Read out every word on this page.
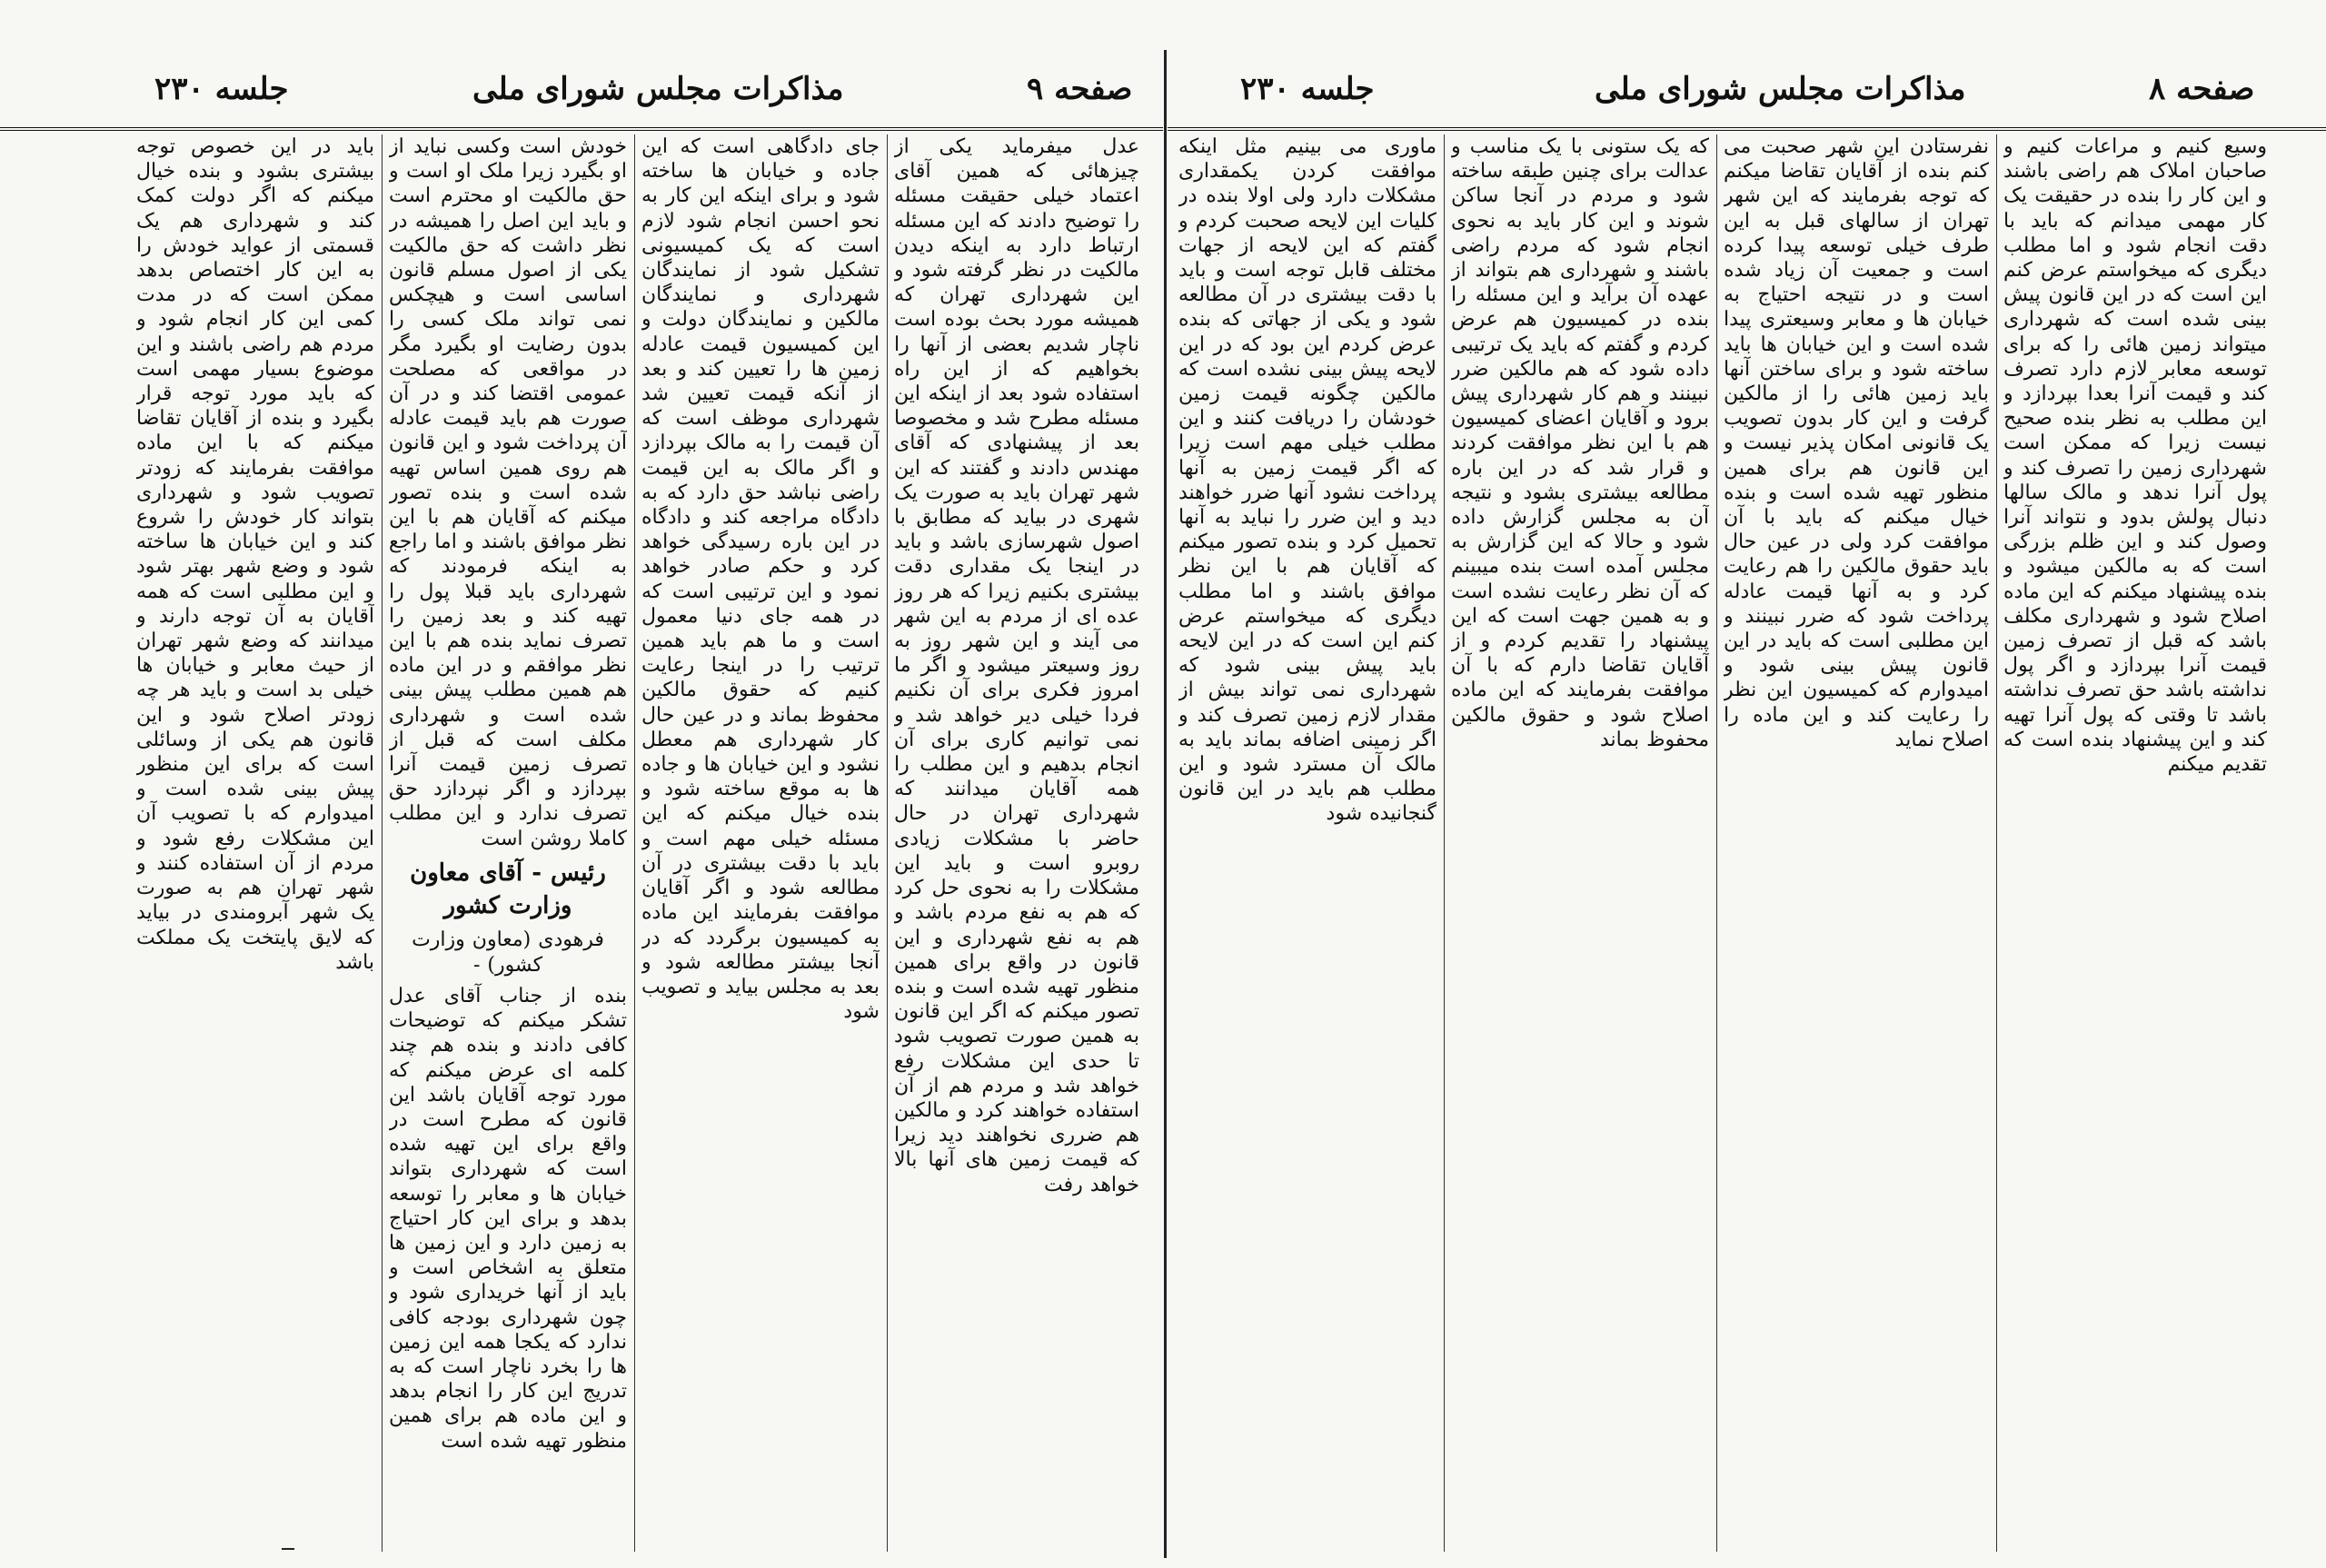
جلسه ۲۳۰	مذاکرات مجلس شورای ملی	صفحه ۹
باید در این خصوص توجه بیشتری بشود و بنده خیال میکنم که اگر دولت کمک کند و شهرداری هم یک قسمتی از عواید خودش را به این کار اختصاص بدهد ممکن است که در مدت کمی این کار انجام شود و مردم هم راضی باشند و این موضوع بسیار مهمی است که باید مورد توجه قرار بگیرد و بنده از آقایان تقاضا میکنم که با این ماده موافقت بفرمایند که زودتر تصویب شود و شهرداری بتواند کار خودش را شروع کند و این خیابان ها ساخته شود و وضع شهر بهتر شود و این مطلبی است که همه آقایان به آن توجه دارند و میدانند که وضع شهر تهران از حیث معابر و خیابان ها خیلی بد است و باید هر چه زودتر اصلاح شود و این قانون هم یکی از وسائلی است که برای این منظور پیش بینی شده است و امیدوارم که با تصویب آن این مشکلات رفع شود و مردم از آن استفاده کنند و شهر تهران هم به صورت یک شهر آبرومندی در بیاید که لایق پایتخت یک مملکت باشد
خودش است وکسی نباید از او بگیرد زیرا ملک او است و حق مالکیت او محترم است و باید این اصل را همیشه در نظر داشت که حق مالکیت یکی از اصول مسلم قانون اساسی است و هیچکس نمی تواند ملک کسی را بدون رضایت او بگیرد مگر در مواقعی که مصلحت عمومی اقتضا کند و در آن صورت هم باید قیمت عادله آن پرداخت شود و این قانون هم روی همین اساس تهیه شده است و بنده تصور میکنم که آقایان هم با این نظر موافق باشند و اما راجع به اینکه فرمودند که شهرداری باید قبلا پول را تهیه کند و بعد زمین را تصرف نماید بنده هم با این نظر موافقم و در این ماده هم همین مطلب پیش بینی شده است و شهرداری مکلف است که قبل از تصرف زمین قیمت آنرا بپردازد و اگر نپردازد حق تصرف ندارد و این مطلب کاملا روشن است
رئیس - آقای معاون وزارت کشور
فرهودی (معاون وزارت کشور) -
بنده از جناب آقای عدل تشکر میکنم که توضیحات کافی دادند و بنده هم چند کلمه ای عرض میکنم که مورد توجه آقایان باشد این قانون که مطرح است در واقع برای این تهیه شده است که شهرداری بتواند خیابان ها و معابر را توسعه بدهد و برای این کار احتیاج به زمین دارد و این زمین ها متعلق به اشخاص است و باید از آنها خریداری شود و چون شهرداری بودجه کافی ندارد که یکجا همه این زمین ها را بخرد ناچار است که به تدریج این کار را انجام بدهد و این ماده هم برای همین منظور تهیه شده است
جای دادگاهی است که این جاده و خیابان ها ساخته شود و برای اینکه این کار به نحو احسن انجام شود لازم است که یک کمیسیونی تشکیل شود از نمایندگان شهرداری و نمایندگان مالکین و نمایندگان دولت و این کمیسیون قیمت عادله زمین ها را تعیین کند و بعد از آنکه قیمت تعیین شد شهرداری موظف است که آن قیمت را به مالک بپردازد و اگر مالک به این قیمت راضی نباشد حق دارد که به دادگاه مراجعه کند و دادگاه در این باره رسیدگی خواهد کرد و حکم صادر خواهد نمود و این ترتیبی است که در همه جای دنیا معمول است و ما هم باید همین ترتیب را در اینجا رعایت کنیم که حقوق مالکین محفوظ بماند و در عین حال کار شهرداری هم معطل نشود و این خیابان ها و جاده ها به موقع ساخته شود و بنده خیال میکنم که این مسئله خیلی مهم است و باید با دقت بیشتری در آن مطالعه شود و اگر آقایان موافقت بفرمایند این ماده به کمیسیون برگردد که در آنجا بیشتر مطالعه شود و بعد به مجلس بیاید و تصویب شود
عدل میفرماید یکی از چیزهائی که همین آقای اعتماد خیلی حقیقت مسئله را توضیح دادند که این مسئله ارتباط دارد به اینکه دیدن مالکیت در نظر گرفته شود و این شهرداری تهران که همیشه مورد بحث بوده است ناچار شدیم بعضی از آنها را بخواهیم که از این راه استفاده شود بعد از اینکه این مسئله مطرح شد و مخصوصا بعد از پیشنهادی که آقای مهندس دادند و گفتند که این شهر تهران باید به صورت یک شهری در بیاید که مطابق با اصول شهرسازی باشد و باید در اینجا یک مقداری دقت بیشتری بکنیم زیرا که هر روز عده ای از مردم به این شهر می آیند و این شهر روز به روز وسیعتر میشود و اگر ما امروز فکری برای آن نکنیم فردا خیلی دیر خواهد شد و نمی توانیم کاری برای آن انجام بدهیم و این مطلب را همه آقایان میدانند که شهرداری تهران در حال حاضر با مشکلات زیادی روبرو است و باید این مشکلات را به نحوی حل کرد که هم به نفع مردم باشد و هم به نفع شهرداری و این قانون در واقع برای همین منظور تهیه شده است و بنده تصور میکنم که اگر این قانون به همین صورت تصویب شود تا حدی این مشکلات رفع خواهد شد و مردم هم از آن استفاده خواهند کرد و مالکین هم ضرری نخواهند دید زیرا که قیمت زمین های آنها بالا خواهد رفت
جلسه ۲۳۰	مذاکرات مجلس شورای ملی	صفحه ۸
ماوری می بینیم مثل اینکه موافقت کردن یکمقداری مشکلات دارد ولی اولا بنده در کلیات این لایحه صحبت کردم و گفتم که این لایحه از جهات مختلف قابل توجه است و باید با دقت بیشتری در آن مطالعه شود و یکی از جهاتی که بنده عرض کردم این بود که در این لایحه پیش بینی نشده است که مالکین چگونه قیمت زمین خودشان را دریافت کنند و این مطلب خیلی مهم است زیرا که اگر قیمت زمین به آنها پرداخت نشود آنها ضرر خواهند دید و این ضرر را نباید به آنها تحمیل کرد و بنده تصور میکنم که آقایان هم با این نظر موافق باشند و اما مطلب دیگری که میخواستم عرض کنم این است که در این لایحه باید پیش بینی شود که شهرداری نمی تواند بیش از مقدار لازم زمین تصرف کند و اگر زمینی اضافه بماند باید به مالک آن مسترد شود و این مطلب هم باید در این قانون گنجانیده شود
که یک ستونی با یک مناسب و عدالت برای چنین طبقه ساخته شود و مردم در آنجا ساکن شوند و این کار باید به نحوی انجام شود که مردم راضی باشند و شهرداری هم بتواند از عهده آن برآید و این مسئله را بنده در کمیسیون هم عرض کردم و گفتم که باید یک ترتیبی داده شود که هم مالکین ضرر نبینند و هم کار شهرداری پیش برود و آقایان اعضای کمیسیون هم با این نظر موافقت کردند و قرار شد که در این باره مطالعه بیشتری بشود و نتیجه آن به مجلس گزارش داده شود و حالا که این گزارش به مجلس آمده است بنده میبینم که آن نظر رعایت نشده است و به همین جهت است که این پیشنهاد را تقدیم کردم و از آقایان تقاضا دارم که با آن موافقت بفرمایند که این ماده اصلاح شود و حقوق مالکین محفوظ بماند
نفرستادن این شهر صحبت می کنم بنده از آقایان تقاضا میکنم که توجه بفرمایند که این شهر تهران از سالهای قبل به این طرف خیلی توسعه پیدا کرده است و جمعیت آن زیاد شده است و در نتیجه احتیاج به خیابان ها و معابر وسیعتری پیدا شده است و این خیابان ها باید ساخته شود و برای ساختن آنها باید زمین هائی را از مالکین گرفت و این کار بدون تصویب یک قانونی امکان پذیر نیست و این قانون هم برای همین منظور تهیه شده است و بنده خیال میکنم که باید با آن موافقت کرد ولی در عین حال باید حقوق مالکین را هم رعایت کرد و به آنها قیمت عادله پرداخت شود که ضرر نبینند و این مطلبی است که باید در این قانون پیش بینی شود و امیدوارم که کمیسیون این نظر را رعایت کند و این ماده را اصلاح نماید
وسیع کنیم و مراعات کنیم و صاحبان املاک هم راضی باشند و این کار را بنده در حقیقت یک کار مهمی میدانم که باید با دقت انجام شود و اما مطلب دیگری که میخواستم عرض کنم این است که در این قانون پیش بینی شده است که شهرداری میتواند زمین هائی را که برای توسعه معابر لازم دارد تصرف کند و قیمت آنرا بعدا بپردازد و این مطلب به نظر بنده صحیح نیست زیرا که ممکن است شهرداری زمین را تصرف کند و پول آنرا ندهد و مالک سالها دنبال پولش بدود و نتواند آنرا وصول کند و این ظلم بزرگی است که به مالکین میشود و بنده پیشنهاد میکنم که این ماده اصلاح شود و شهرداری مکلف باشد که قبل از تصرف زمین قیمت آنرا بپردازد و اگر پول نداشته باشد حق تصرف نداشته باشد تا وقتی که پول آنرا تهیه کند و این پیشنهاد بنده است که تقدیم میکنم
